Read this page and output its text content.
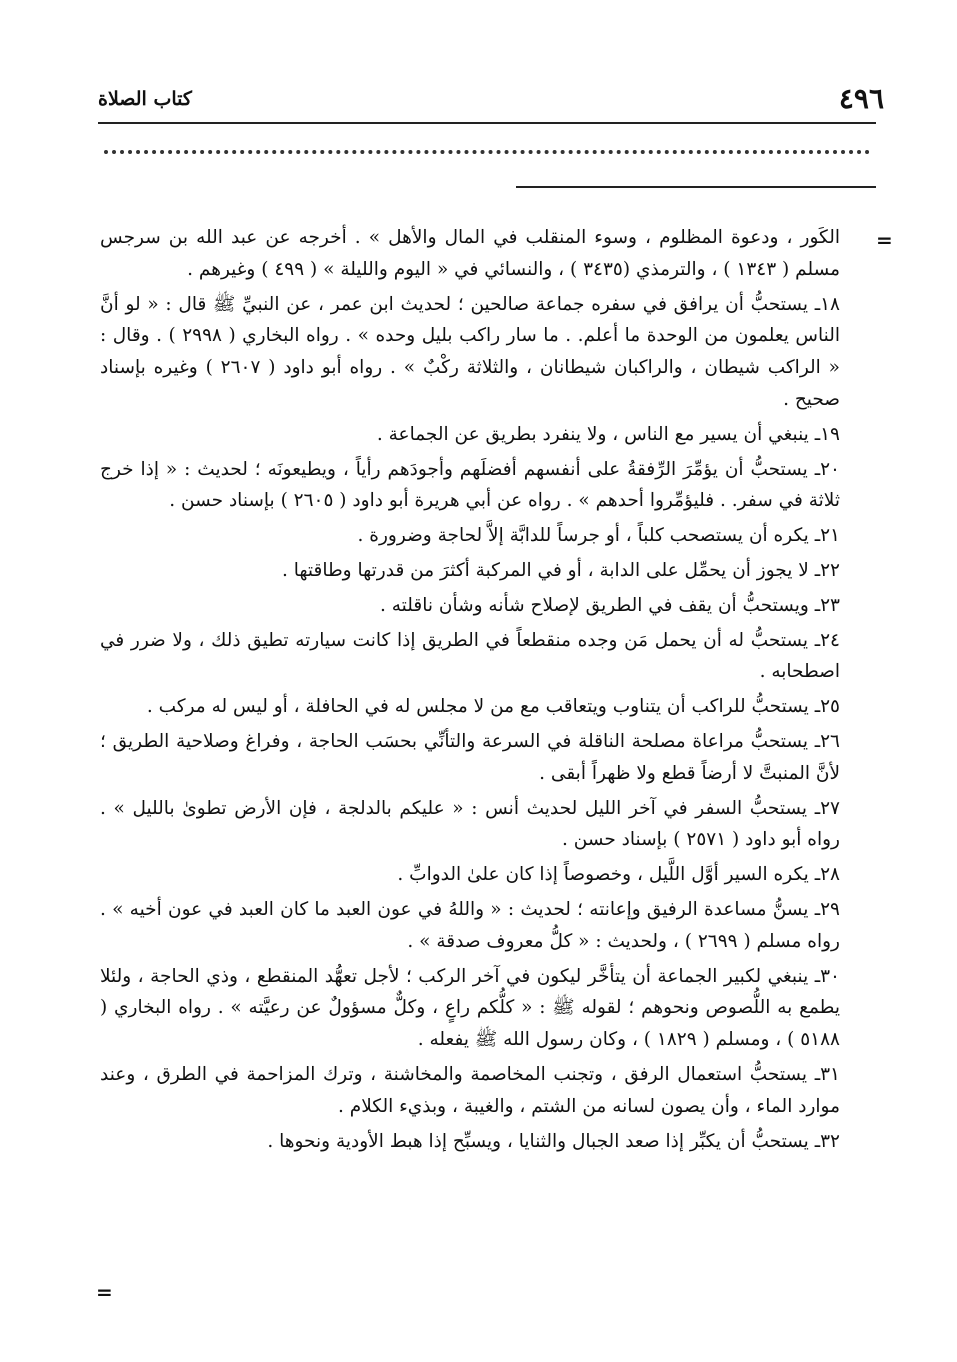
٤٩٦
كتاب الصلاة
=
=

الكَور ، ودعوة المظلوم ، وسوء المنقلب في المال والأهل » . أخرجه عن عبد الله بن سرجس مسلم ( ١٣٤٣ ) ، والترمذي (٣٤٣٥ ) ، والنسائي في « اليوم والليلة » ( ٤٩٩ ) وغيرهم .

١٨ـ يستحبُّ أن يرافق في سفره جماعة صالحين ؛ لحديث ابن عمر ، عن النبيِّ ﷺ قال : « لو أنَّ الناس يعلمون من الوحدة ما أعلم. . ما سار راكب بليل وحده » . رواه البخاري ( ٢٩٩٨ ) . وقال : « الراكب شيطان ، والراكبان شيطانان ، والثلاثة ركْبٌ » . رواه أبو داود ( ٢٦٠٧ ) وغيره بإسناد صحيح .

١٩ـ ينبغي أن يسير مع الناس ، ولا ينفرد بطريق عن الجماعة .

٢٠ـ يستحبُّ أن يؤمِّرَ الرِّفقةُ على أنفسهم أفضلَهم وأجودَهم رأياً ، ويطيعونَه ؛ لحديث : « إذا خرج ثلاثة في سفر. . فليؤمِّروا أحدهم » . رواه عن أبي هريرة أبو داود ( ٢٦٠٥ ) بإسناد حسن .

٢١ـ يكره أن يستصحب كلباً ، أو جرساً للدابَّة إلاَّ لحاجة وضرورة .

٢٢ـ لا يجوز أن يحمِّل على الدابة ، أو في المركبة أكثرَ من قدرتها وطاقتها .

٢٣ـ ويستحبُّ أن يقف في الطريق لإصلاح شأنه وشأن ناقلته .

٢٤ـ يستحبُّ له أن يحمل مَن وجده منقطعاً في الطريق إذا كانت سيارته تطيق ذلك ، ولا ضرر في اصطحابه .

٢٥ـ يستحبُّ للراكب أن يتناوب ويتعاقب مع من لا مجلس له في الحافلة ، أو ليس له مركب .

٢٦ـ يستحبُّ مراعاة مصلحة الناقلة في السرعة والتأنِّي بحسَب الحاجة ، وفراغ وصلاحية الطريق ؛ لأنَّ المنبتَّ لا أرضاً قطع ولا ظهراً أبقى .

٢٧ـ يستحبُّ السفر في آخر الليل لحديث أنس : « عليكم بالدلجة ، فإن الأرض تطوىٰ بالليل » . رواه أبو داود ( ٢٥٧١ ) بإسناد حسن .

٢٨ـ يكره السير أوَّل اللَّيل ، وخصوصاً إذا كان علىٰ الدوابِّ .

٢٩ـ يسنُّ مساعدة الرفيق وإعانته ؛ لحديث : « واللهُ في عون العبد ما كان العبد في عون أخيه » . رواه مسلم ( ٢٦٩٩ ) ، ولحديث : « كلُّ معروف صدقة » .

٣٠ـ ينبغي لكبير الجماعة أن يتأخَّر ليكون في آخر الركب ؛ لأجل تعهُّد المنقطع ، وذي الحاجة ، ولئلا يطمع به اللُّصوص ونحوهم ؛ لقوله ﷺ : « كلُّكم راعٍ ، وكلٌّ مسؤولٌ عن رعيَّته » . رواه البخاري ( ٥١٨٨ ) ، ومسلم ( ١٨٢٩ ) ، وكان رسول الله ﷺ يفعله .

٣١ـ يستحبُّ استعمال الرفق ، وتجنب المخاصمة والمخاشنة ، وترك المزاحمة في الطرق ، وعند موارد الماء ، وأن يصون لسانه من الشتم ، والغيبة ، وبذيء الكلام .

٣٢ـ يستحبُّ أن يكبِّر إذا صعد الجبال والثنايا ، ويسبِّح إذا هبط الأودية ونحوها .
